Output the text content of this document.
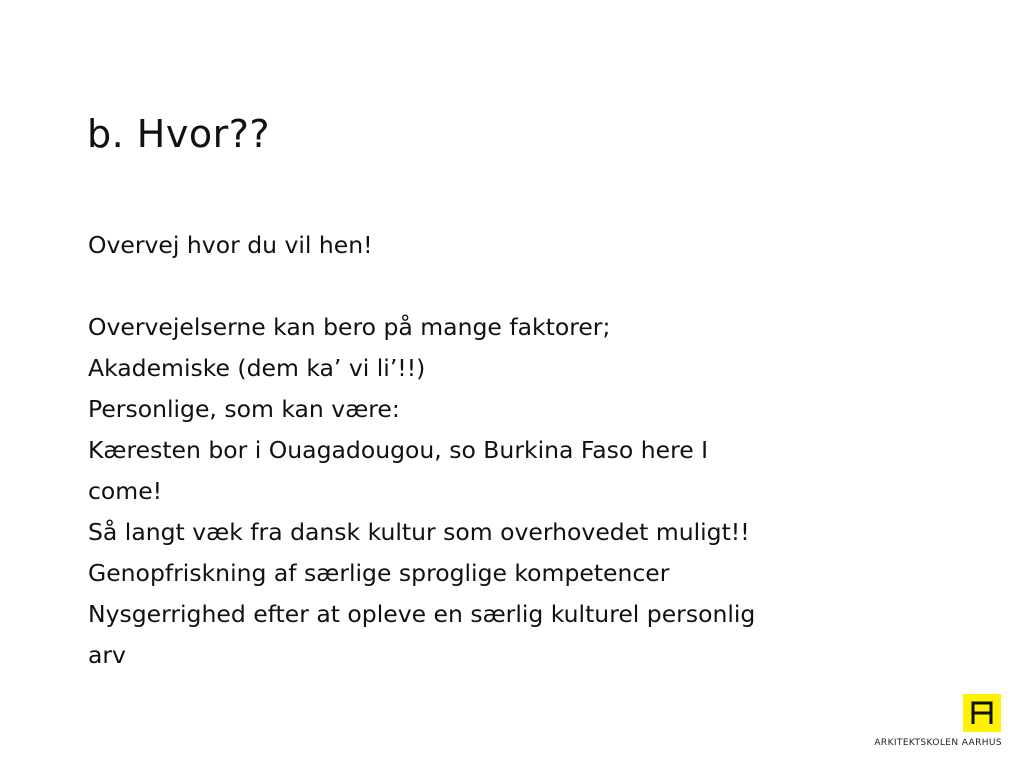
b. Hvor??
Overvej hvor du vil hen!
Overvejelserne kan bero på mange faktorer;
Akademiske (dem ka’ vi li’!!)
Personlige, som kan være:
Kæresten bor i Ouagadougou, so Burkina Faso here I
come!
Så langt væk fra dansk kultur som overhovedet muligt!!
Genopfriskning af særlige sproglige kompetencer
Nysgerrighed efter at opleve en særlig kulturel personlig
arv
ARKITEKTSKOLEN AARHUS
